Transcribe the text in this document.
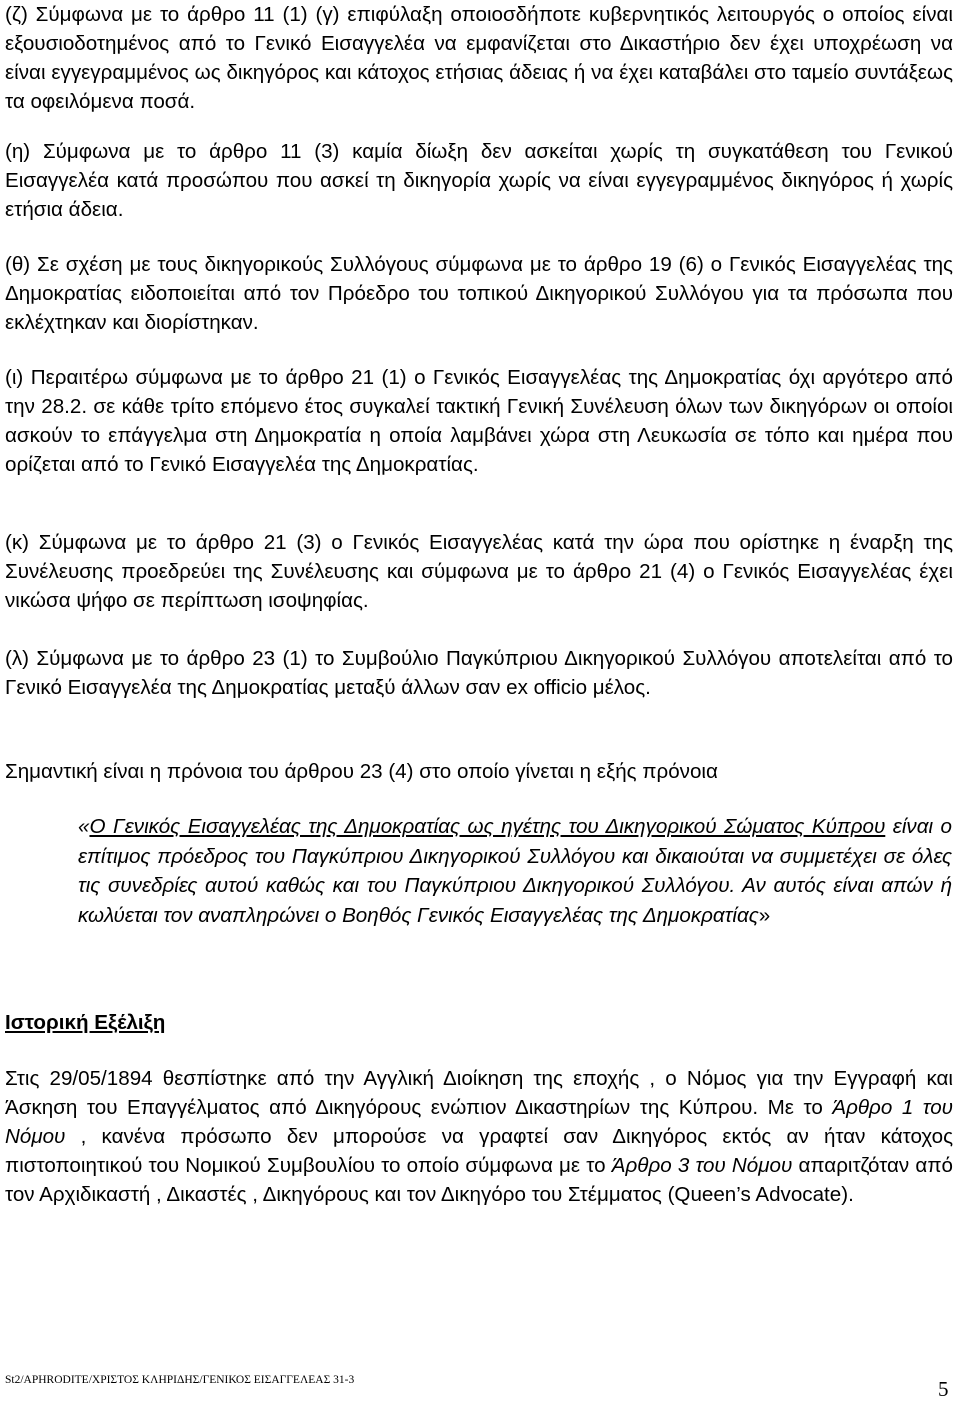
(ζ) Σύμφωνα με το άρθρο 11 (1) (γ) επιφύλαξη οποιοσδήποτε κυβερνητικός λειτουργός ο οποίος είναι εξουσιοδοτημένος από το Γενικό Εισαγγελέα να εμφανίζεται στο Δικαστήριο δεν έχει υποχρέωση να είναι εγγεγραμμένος ως δικηγόρος και κάτοχος ετήσιας άδειας ή να έχει καταβάλει στο ταμείο συντάξεως τα οφειλόμενα ποσά.

(η) Σύμφωνα με το άρθρο 11 (3) καμία δίωξη δεν ασκείται χωρίς τη συγκατάθεση του Γενικού Εισαγγελέα κατά προσώπου που ασκεί τη δικηγορία χωρίς να είναι εγγεγραμμένος δικηγόρος ή χωρίς ετήσια άδεια.

(θ) Σε σχέση με τους δικηγορικούς Συλλόγους σύμφωνα με το άρθρο 19 (6) ο Γενικός Εισαγγελέας της Δημοκρατίας ειδοποιείται από τον Πρόεδρο του τοπικού Δικηγορικού Συλλόγου για τα πρόσωπα που εκλέχτηκαν και διορίστηκαν.

(ι) Περαιτέρω σύμφωνα με το άρθρο 21 (1) ο Γενικός Εισαγγελέας της Δημοκρατίας όχι αργότερο από την 28.2. σε κάθε τρίτο επόμενο έτος συγκαλεί τακτική Γενική Συνέλευση όλων των δικηγόρων οι οποίοι ασκούν το επάγγελμα στη Δημοκρατία η οποία λαμβάνει χώρα στη Λευκωσία σε τόπο και ημέρα που ορίζεται από το Γενικό Εισαγγελέα της Δημοκρατίας.

(κ) Σύμφωνα με το άρθρο 21 (3) ο Γενικός Εισαγγελέας κατά την ώρα που ορίστηκε η έναρξη της Συνέλευσης προεδρεύει της Συνέλευσης και σύμφωνα με το άρθρο 21 (4) ο Γενικός Εισαγγελέας έχει νικώσα ψήφο σε περίπτωση ισοψηφίας.

(λ) Σύμφωνα με το άρθρο 23 (1) το Συμβούλιο Παγκύπριου Δικηγορικού Συλλόγου αποτελείται από το Γενικό Εισαγγελέα της Δημοκρατίας μεταξύ άλλων σαν ex officio μέλος.

Σημαντική είναι η πρόνοια του άρθρου 23 (4) στο οποίο γίνεται η εξής πρόνοια

«Ο Γενικός Εισαγγελέας της Δημοκρατίας ως ηγέτης του Δικηγορικού Σώματος Κύπρου είναι ο επίτιμος πρόεδρος του Παγκύπριου Δικηγορικού Συλλόγου και δικαιούται να συμμετέχει σε όλες τις συνεδρίες αυτού καθώς και του Παγκύπριου Δικηγορικού Συλλόγου. Αν αυτός είναι απών ή κωλύεται τον αναπληρώνει ο Βοηθός Γενικός Εισαγγελέας της Δημοκρατίας»
Ιστορική Εξέλιξη

Στις 29/05/1894 θεσπίστηκε από την Αγγλική Διοίκηση της εποχής , ο Νόμος για την Εγγραφή και Άσκηση του Επαγγέλματος από Δικηγόρους ενώπιον Δικαστηρίων της Κύπρου. Με το Άρθρο 1 του Νόμου , κανένα πρόσωπο δεν μπορούσε να γραφτεί σαν Δικηγόρος εκτός αν ήταν κάτοχος πιστοποιητικού του Νομικού Συμβουλίου το οποίο σύμφωνα με το Άρθρο 3 του Νόμου απαριτζόταν από τον Αρχιδικαστή , Δικαστές , Δικηγόρους και τον Δικηγόρο του Στέμματος (Queen’s Advocate).

St2/APHRODITE/ΧΡΙΣΤΟΣ ΚΛΗΡΙΔΗΣ/ΓΕΝΙΚΟΣ ΕΙΣΑΓΓΕΛΕΑΣ 31-3	5
